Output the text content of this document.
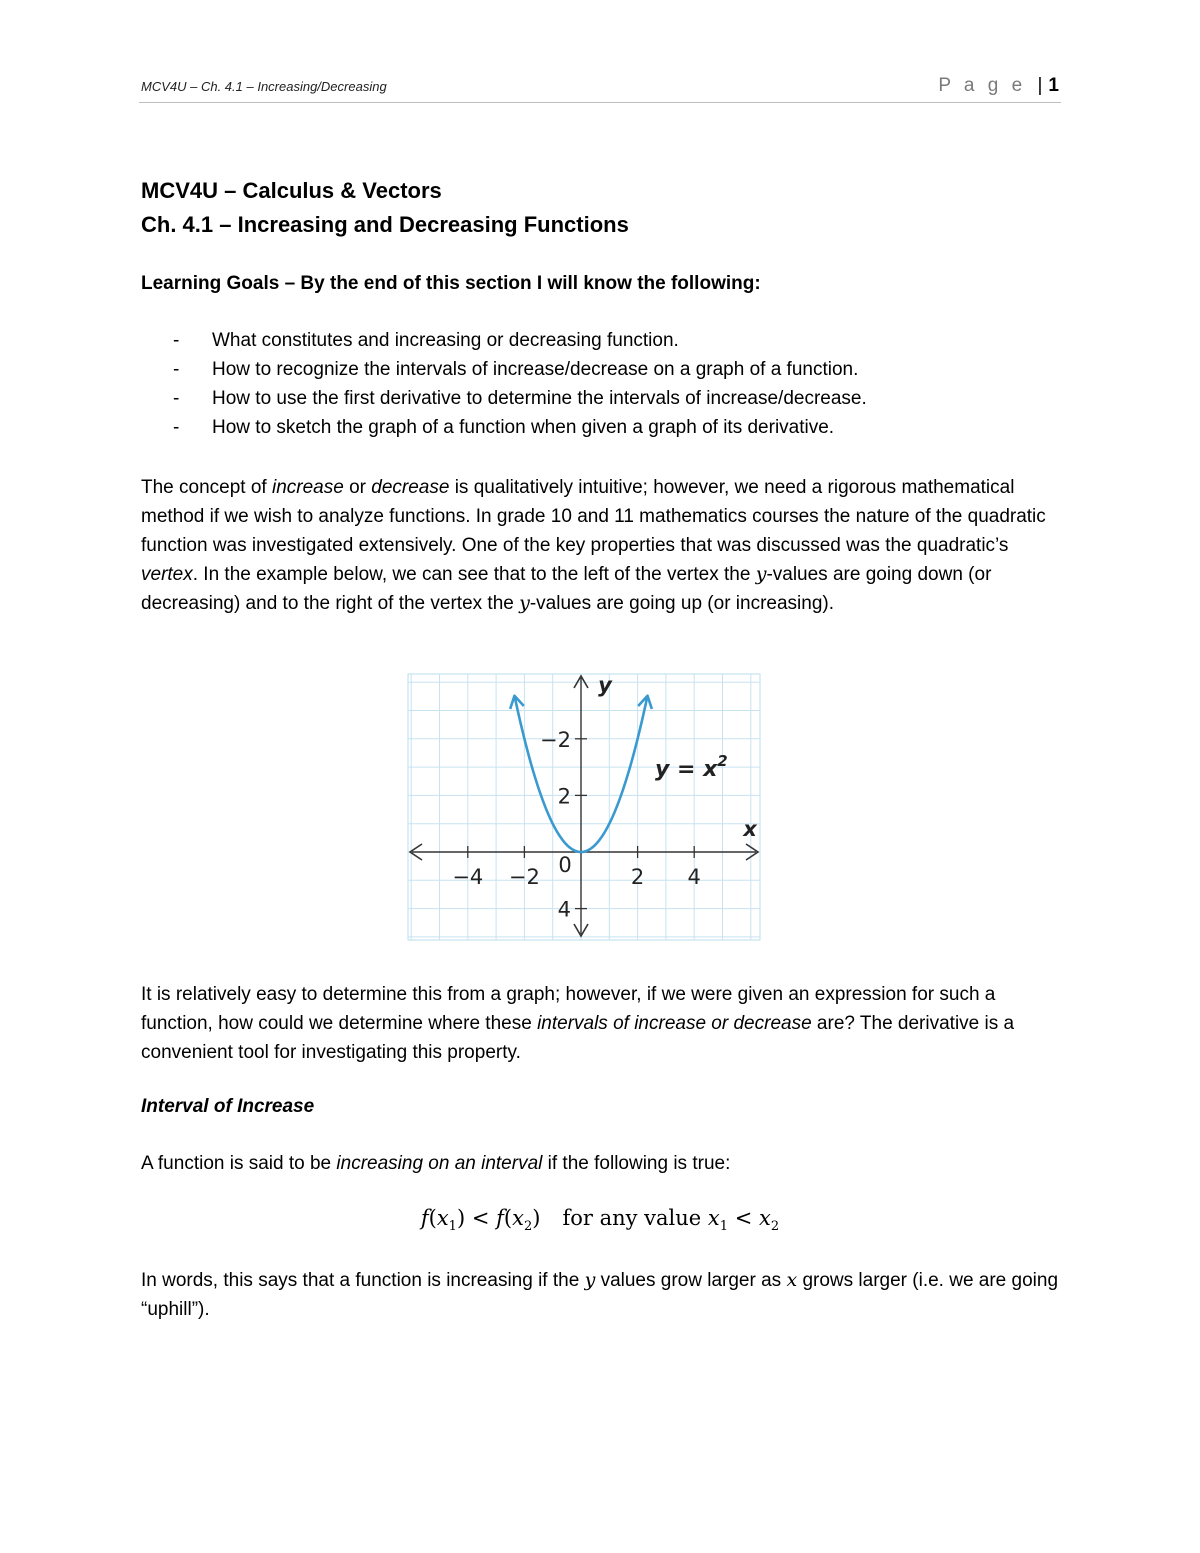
MCV4U – Ch. 4.1 – Increasing/Decreasing	P a g e | 1
MCV4U – Calculus & Vectors
Ch. 4.1 – Increasing and Decreasing Functions
Learning Goals – By the end of this section I will know the following:
- What constitutes and increasing or decreasing function.
- How to recognize the intervals of increase/decrease on a graph of a function.
- How to use the first derivative to determine the intervals of increase/decrease.
- How to sketch the graph of a function when given a graph of its derivative.
The concept of increase or decrease is qualitatively intuitive; however, we need a rigorous mathematical method if we wish to analyze functions. In grade 10 and 11 mathematics courses the nature of the quadratic function was investigated extensively. One of the key properties that was discussed was the quadratic’s vertex. In the example below, we can see that to the left of the vertex the y-values are going down (or decreasing) and to the right of the vertex the y-values are going up (or increasing).
−4 −2	2 4
4
2
−2
0
x
y
$y = x^2$
It is relatively easy to determine this from a graph; however, if we were given an expression for such a function, how could we determine where these intervals of increase or decrease are? The derivative is a convenient tool for investigating this property.
Interval of Increase
A function is said to be increasing on an interval if the following is true:
$f(x_1) < f(x_2)$ for any value $x_1 < x_2$
In words, this says that a function is increasing if the y values grow larger as x grows larger (i.e. we are going “uphill”).
